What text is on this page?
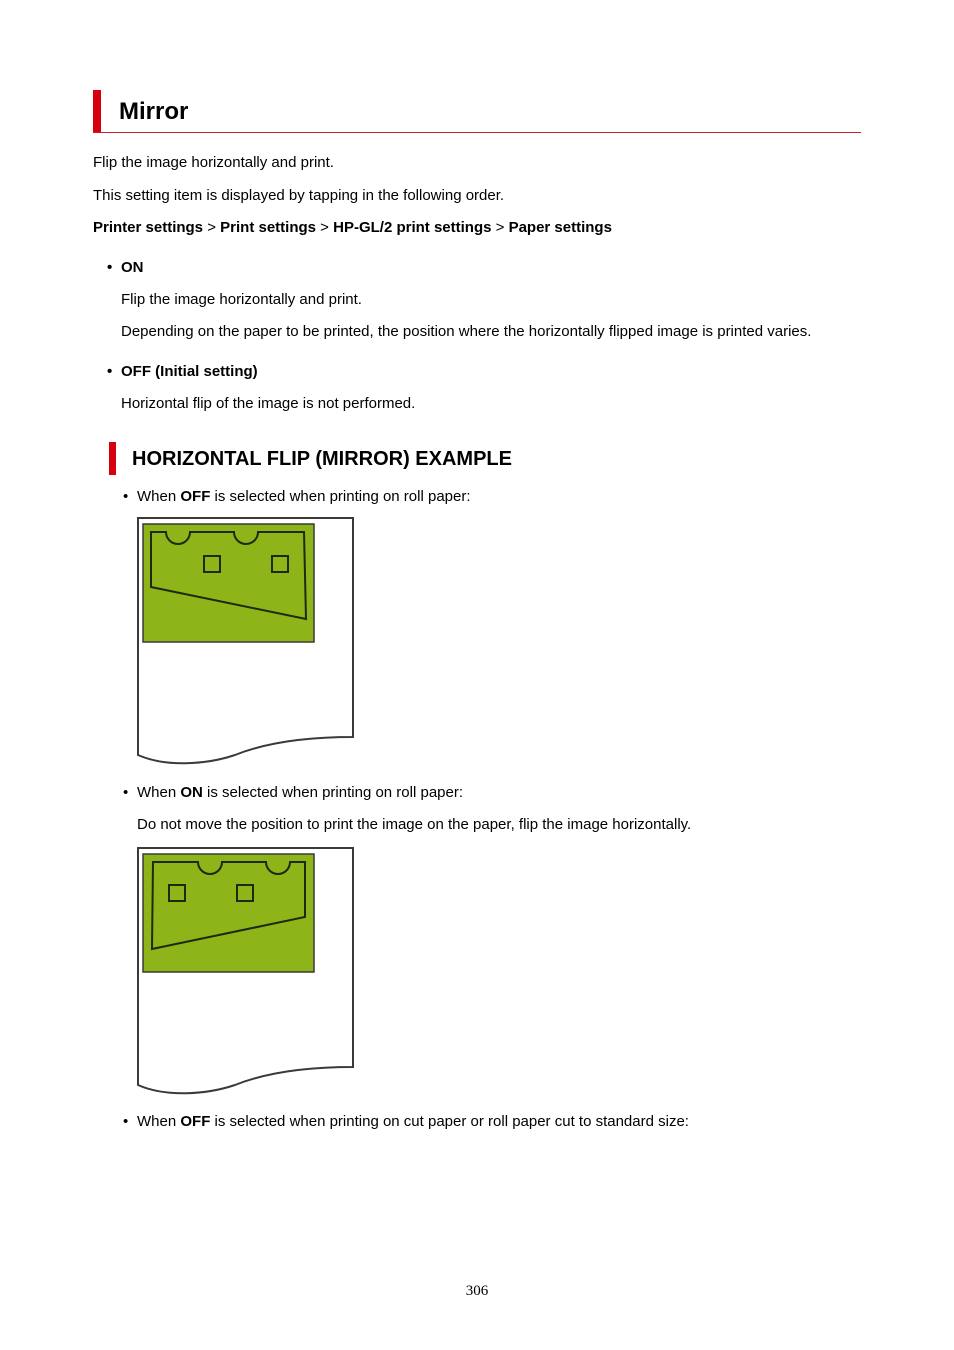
Mirror
Flip the image horizontally and print.
This setting item is displayed by tapping in the following order.
Printer settings > Print settings > HP-GL/2 print settings > Paper settings
• ON
Flip the image horizontally and print.
Depending on the paper to be printed, the position where the horizontally flipped image is printed varies.
• OFF (Initial setting)
Horizontal flip of the image is not performed.
HORIZONTAL FLIP (MIRROR) EXAMPLE
• When OFF is selected when printing on roll paper:
• When ON is selected when printing on roll paper:
Do not move the position to print the image on the paper, flip the image horizontally.
• When OFF is selected when printing on cut paper or roll paper cut to standard size:
306
